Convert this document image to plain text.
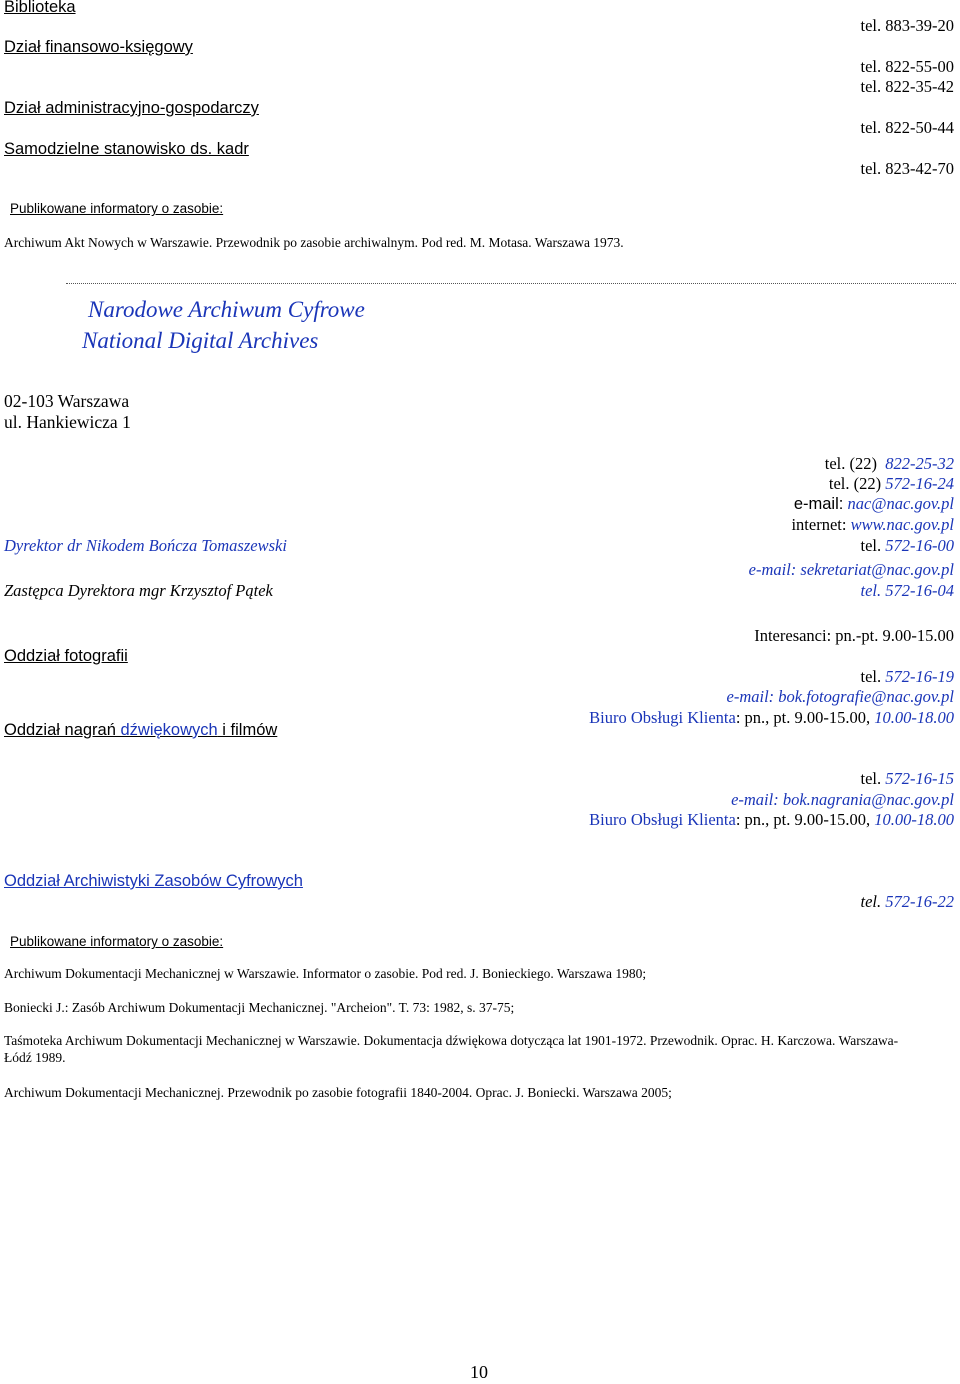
Biblioteka
Dział finansowo-księgowy
Dział administracyjno-gospodarczy
Samodzielne stanowisko ds. kadr
tel. 883-39-20
tel. 822-55-00
tel. 822-35-42
tel. 822-50-44
tel. 823-42-70
Publikowane informatory o zasobie:
Archiwum Akt Nowych w Warszawie. Przewodnik po zasobie archiwalnym. Pod red. M. Motasa. Warszawa 1973.
Narodowe Archiwum Cyfrowe
National Digital Archives
02-103 Warszawa
ul. Hankiewicza 1
tel. (22) 822-25-32
tel. (22) 572-16-24
e-mail: nac@nac.gov.pl
internet: www.nac.gov.pl
Dyrektor dr Nikodem Bończa Tomaszewski	tel. 572-16-00
e-mail: sekretariat@nac.gov.pl
Zastępca Dyrektora mgr Krzysztof Pątek	tel. 572-16-04
Interesanci: pn.-pt. 9.00-15.00
Oddział fotografii
tel. 572-16-19
e-mail: bok.fotografie@nac.gov.pl
Biuro Obsługi Klienta: pn., pt. 9.00-15.00, 10.00-18.00
Oddział nagrań dźwiękowych i filmów
tel. 572-16-15
e-mail: bok.nagrania@nac.gov.pl
Biuro Obsługi Klienta: pn., pt. 9.00-15.00, 10.00-18.00
Oddział Archiwistyki Zasobów Cyfrowych
tel. 572-16-22
Publikowane informatory o zasobie:
Archiwum Dokumentacji Mechanicznej w Warszawie. Informator o zasobie. Pod red. J. Bonieckiego. Warszawa 1980;
Boniecki J.: Zasób Archiwum Dokumentacji Mechanicznej. "Archeion". T. 73: 1982, s. 37-75;
Taśmoteka Archiwum Dokumentacji Mechanicznej w Warszawie. Dokumentacja dźwiękowa dotycząca lat 1901-1972. Przewodnik. Oprac. H. Karczowa. Warszawa-
Łódź 1989.
Archiwum Dokumentacji Mechanicznej. Przewodnik po zasobie fotografii 1840-2004. Oprac. J. Boniecki. Warszawa 2005;
10
